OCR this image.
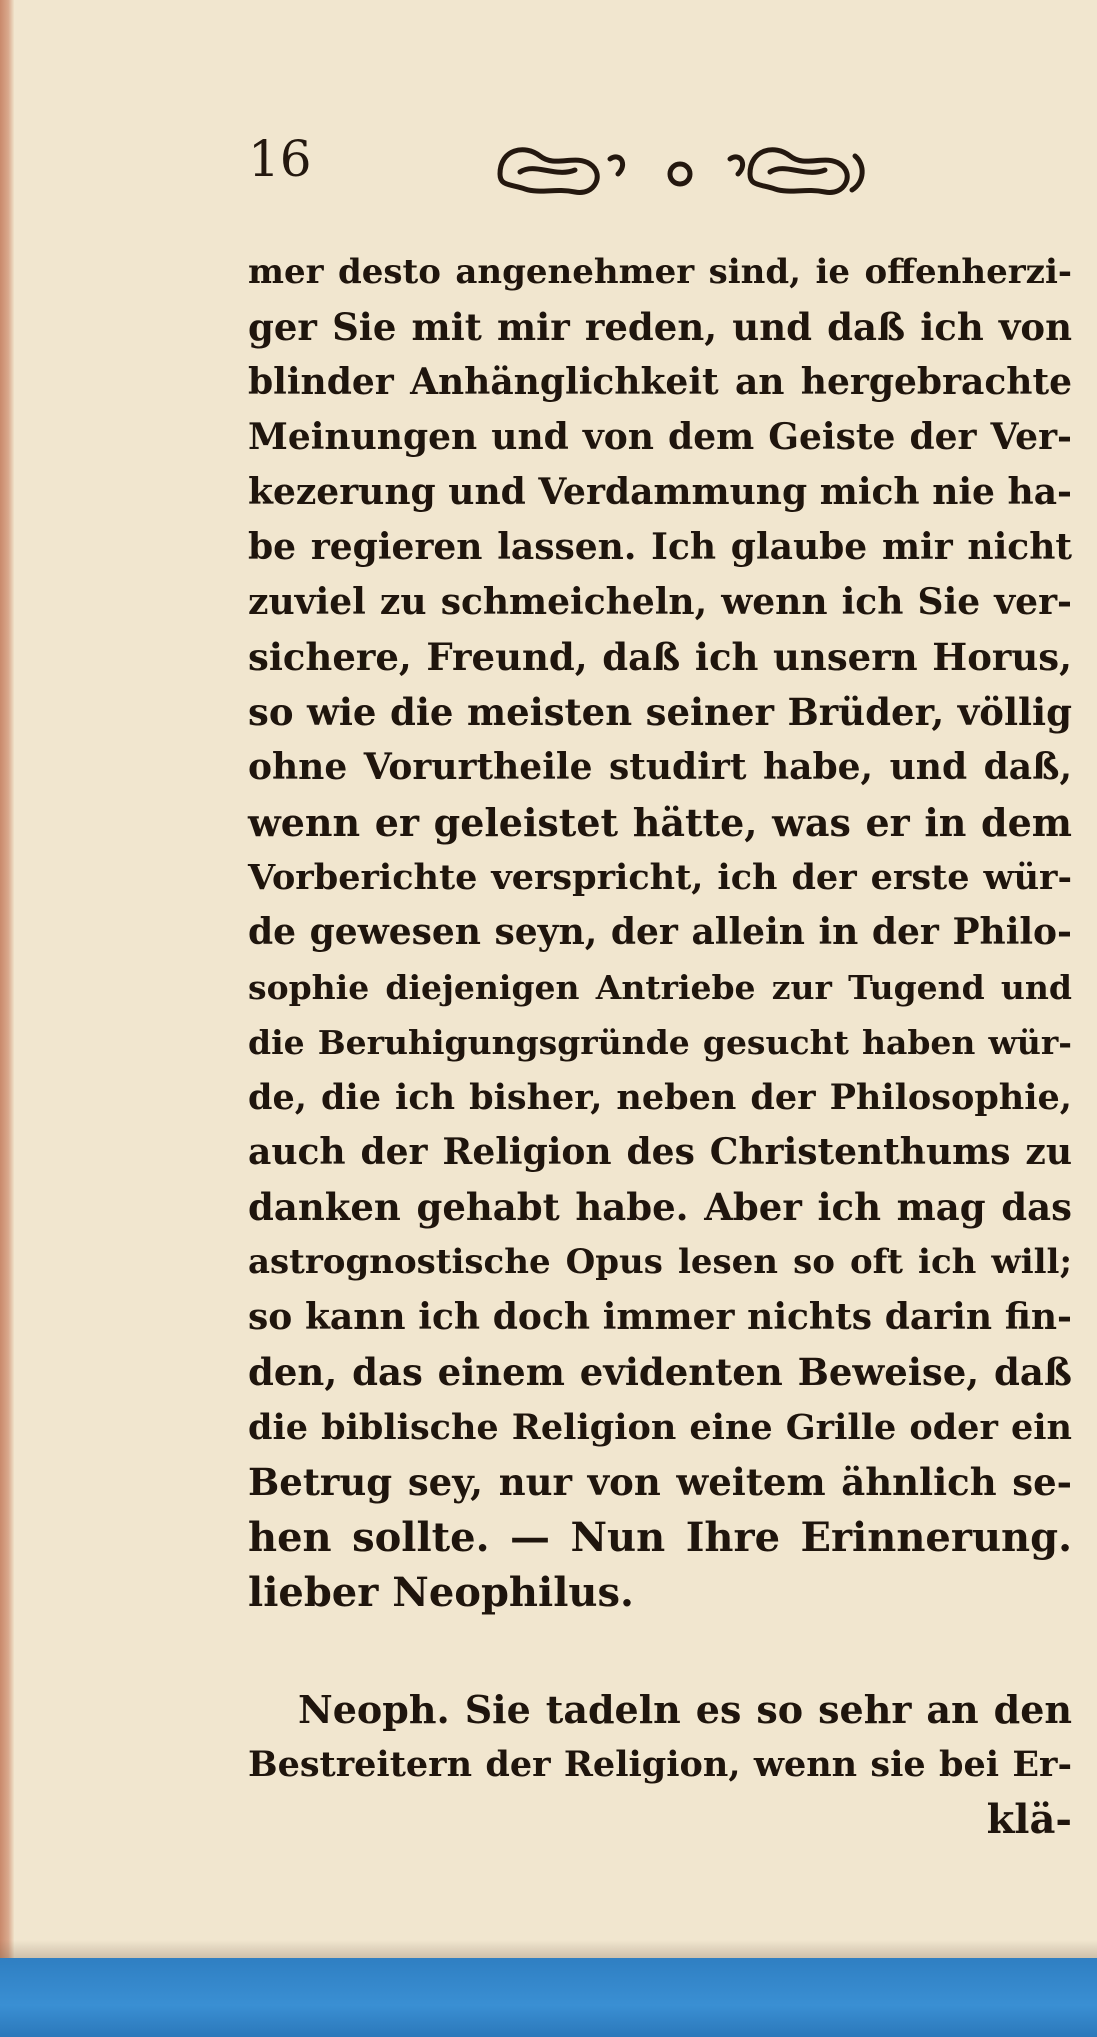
16
mer desto angenehmer sind, ie offenherzi-
ger Sie mit mir reden, und daß ich von
blinder Anhänglichkeit an hergebrachte
Meinungen und von dem Geiste der Ver-
kezerung und Verdammung mich nie ha-
be regieren lassen. Ich glaube mir nicht
zuviel zu schmeicheln, wenn ich Sie ver-
sichere, Freund, daß ich unsern Horus,
so wie die meisten seiner Brüder, völlig
ohne Vorurtheile studirt habe, und daß,
wenn er geleistet hätte, was er in dem
Vorberichte verspricht, ich der erste wür-
de gewesen seyn, der allein in der Philo-
sophie diejenigen Antriebe zur Tugend und
die Beruhigungsgründe gesucht haben wür-
de, die ich bisher, neben der Philosophie,
auch der Religion des Christenthums zu
danken gehabt habe. Aber ich mag das
astrognostische Opus lesen so oft ich will;
so kann ich doch immer nichts darin fin-
den, das einem evidenten Beweise, daß
die biblische Religion eine Grille oder ein
Betrug sey, nur von weitem ähnlich se-
hen sollte. — Nun Ihre Erinnerung.
lieber Neophilus.
Neoph. Sie tadeln es so sehr an den
Bestreitern der Religion, wenn sie bei Er-
klä-
